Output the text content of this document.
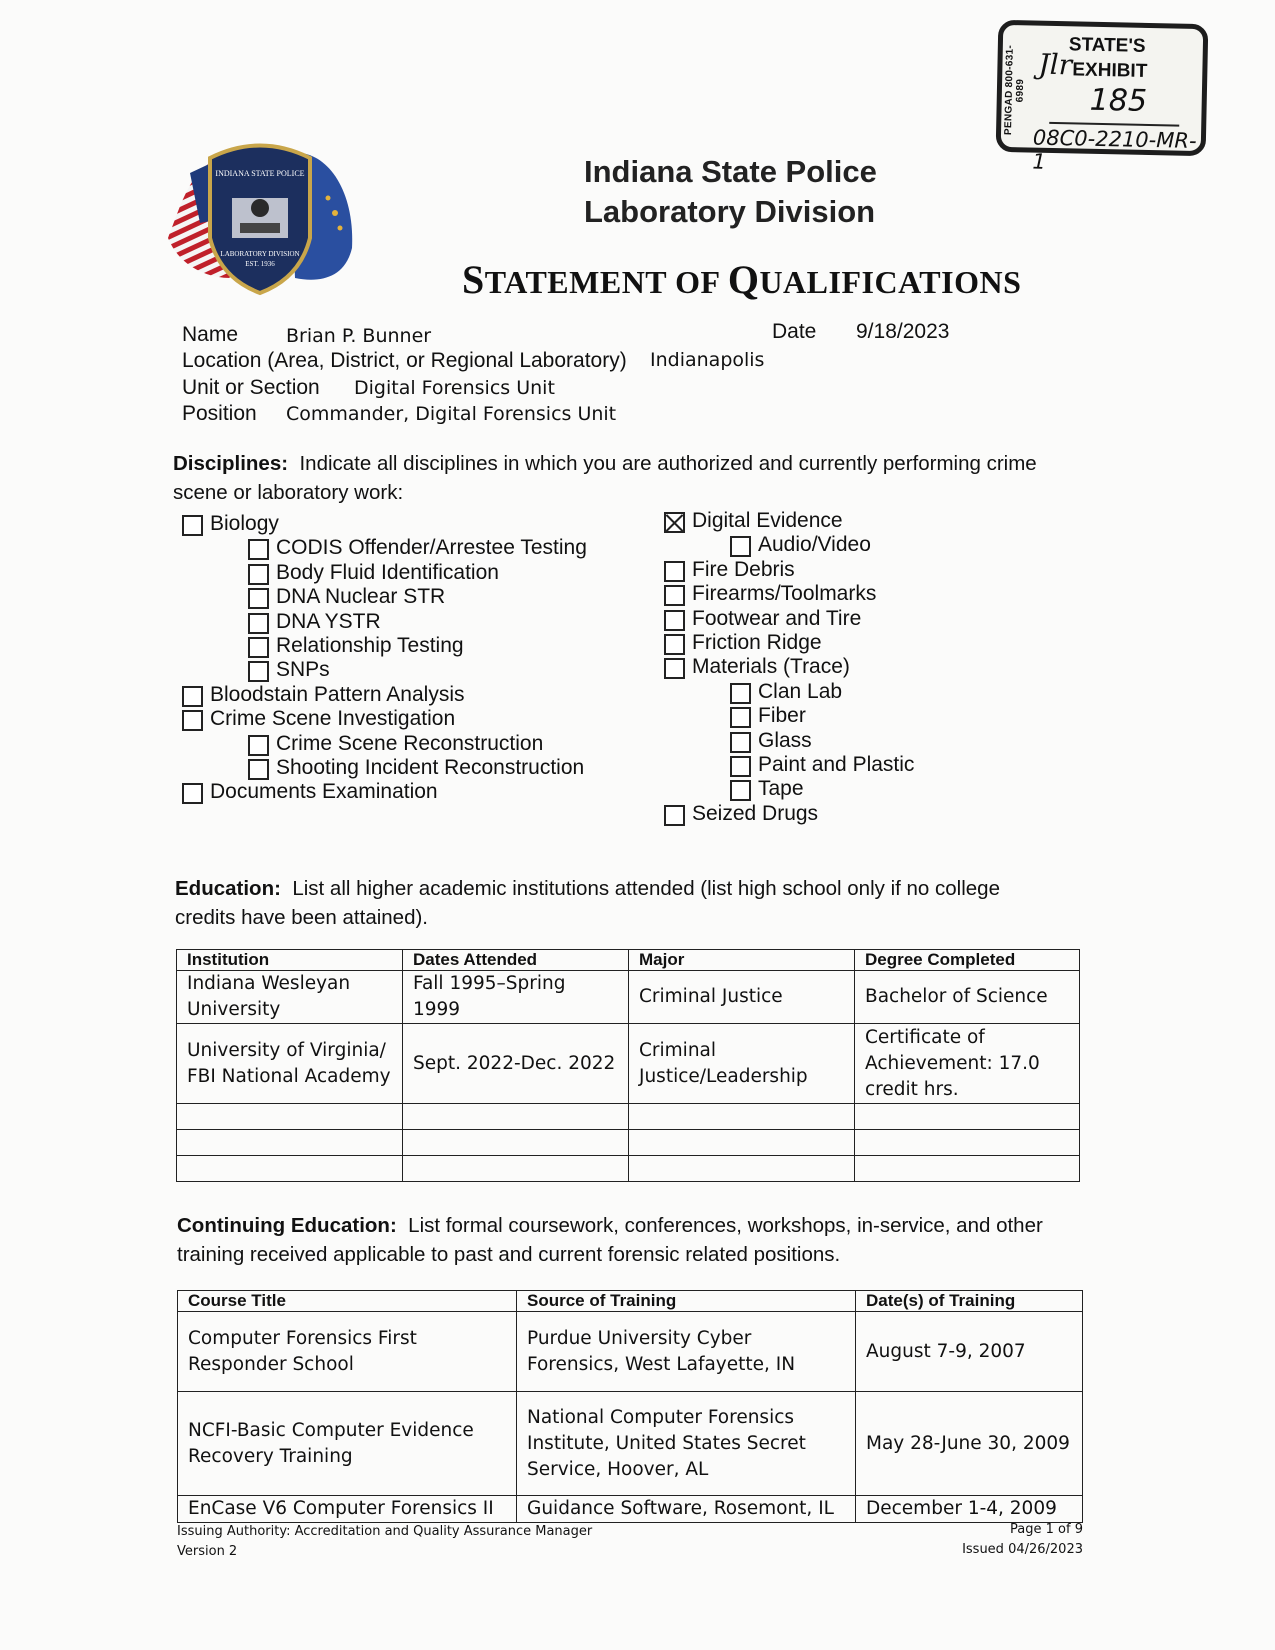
PENGAD 800-631-6989
Jlr
STATE'S
EXHIBIT
185
08C0-2210-MR-1
INDIANA STATE POLICE
LABORATORY DIVISION
EST. 1936
Indiana State Police
Laboratory Division
STATEMENT OF QUALIFICATIONS
Name	Brian P. Bunner	Date 9/18/2023
Location (Area, District, or Regional Laboratory) Indianapolis
Unit or Section Digital Forensics Unit
Position Commander, Digital Forensics Unit
Disciplines: Indicate all disciplines in which you are authorized and currently performing crime scene or laboratory work:
Biology
CODIS Offender/Arrestee Testing
Body Fluid Identification
DNA Nuclear STR
DNA YSTR
Relationship Testing
SNPs
Bloodstain Pattern Analysis
Crime Scene Investigation
Crime Scene Reconstruction
Shooting Incident Reconstruction
Documents Examination
Digital Evidence
Audio/Video
Fire Debris
Firearms/Toolmarks
Footwear and Tire
Friction Ridge
Materials (Trace)
Clan Lab
Fiber
Glass
Paint and Plastic
Tape
Seized Drugs
Education: List all higher academic institutions attended (list high school only if no college credits have been attained).
Institution	Dates Attended	Major	Degree Completed
Indiana Wesleyan University	Fall 1995–Spring 1999	Criminal Justice	Bachelor of Science
University of Virginia/ FBI National Academy	Sept. 2022-Dec. 2022	Criminal Justice/Leadership	Certificate of Achievement: 17.0 credit hrs.

Continuing Education: List formal coursework, conferences, workshops, in-service, and other training received applicable to past and current forensic related positions.
Course Title	Source of Training	Date(s) of Training
Computer Forensics First Responder School	Purdue University Cyber Forensics, West Lafayette, IN	August 7-9, 2007
NCFI-Basic Computer Evidence Recovery Training	National Computer Forensics Institute, United States Secret Service, Hoover, AL	May 28-June 30, 2009
EnCase V6 Computer Forensics II	Guidance Software, Rosemont, IL	December 1-4, 2009
Issuing Authority: Accreditation and Quality Assurance Manager
Version 2
Page 1 of 9
Issued 04/26/2023
